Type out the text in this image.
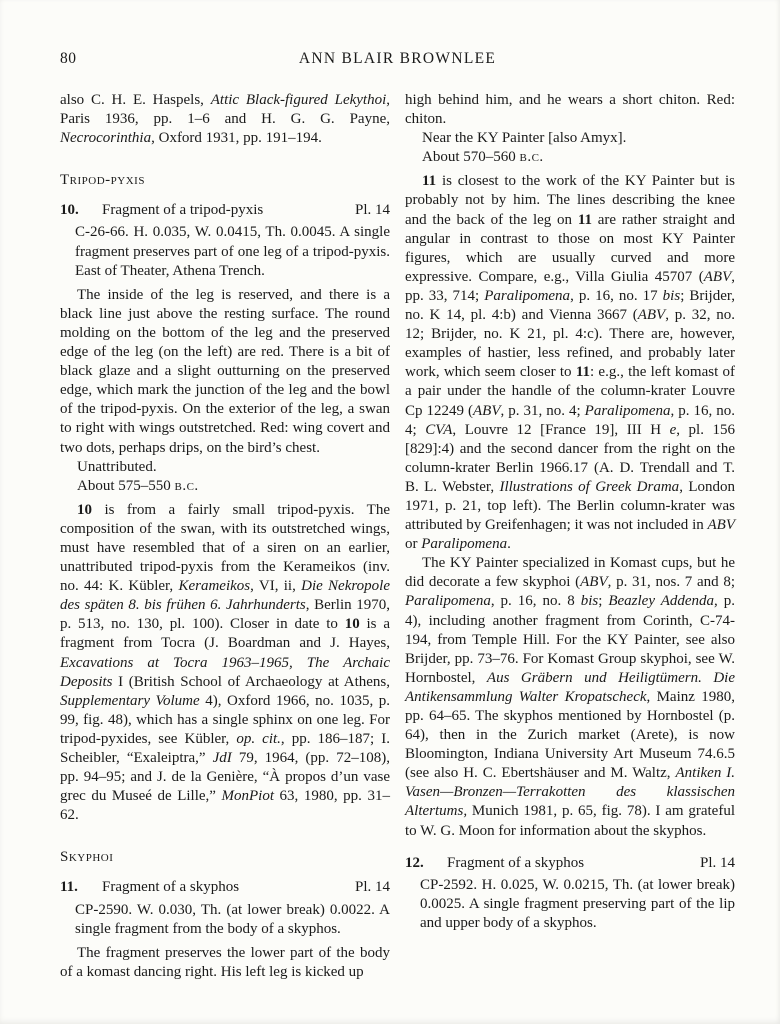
80	ANN BLAIR BROWNLEE

also C. H. E. Haspels, Attic Black-figured Lekythoi, Paris 1936, pp. 1–6 and H. G. G. Payne, Necrocorinthia, Oxford 1931, pp. 191–194.

Tripod-pyxis
10.	Fragment of a tripod-pyxis	Pl. 14

C-26-66. H. 0.035, W. 0.0415, Th. 0.0045. A single fragment preserves part of one leg of a tripod-pyxis. East of Theater, Athena Trench.

The inside of the leg is reserved, and there is a black line just above the resting surface. The round molding on the bottom of the leg and the preserved edge of the leg (on the left) are red. There is a bit of black glaze and a slight outturning on the preserved edge, which mark the junction of the leg and the bowl of the tripod-pyxis. On the exterior of the leg, a swan to right with wings outstretched. Red: wing covert and two dots, perhaps drips, on the bird’s chest.

Unattributed.

About 575–550 b.c.

10 is from a fairly small tripod-pyxis. The composition of the swan, with its outstretched wings, must have resembled that of a siren on an earlier, unattributed tripod-pyxis from the Kerameikos (inv. no. 44: K. Kübler, Kerameikos, VI, ii, Die Nekropole des späten 8. bis frühen 6. Jahrhunderts, Berlin 1970, p. 513, no. 130, pl. 100). Closer in date to 10 is a fragment from Tocra (J. Boardman and J. Hayes, Excavations at Tocra 1963–1965, The Archaic Deposits I (British School of Archaeology at Athens, Supplementary Volume 4), Oxford 1966, no. 1035, p. 99, fig. 48), which has a single sphinx on one leg. For tripod-pyxides, see Kübler, op. cit., pp. 186–187; I. Scheibler, “Exaleiptra,” JdI 79, 1964, (pp. 72–108), pp. 94–95; and J. de la Genière, “À propos d’un vase grec du Museé de Lille,” MonPiot 63, 1980, pp. 31–62.

Skyphoi
11.	Fragment of a skyphos	Pl. 14

CP-2590. W. 0.030, Th. (at lower break) 0.0022. A single fragment from the body of a skyphos.

The fragment preserves the lower part of the body of a komast dancing right. His left leg is kicked up

high behind him, and he wears a short chiton. Red: chiton.

Near the KY Painter [also Amyx].

About 570–560 b.c.

11 is closest to the work of the KY Painter but is probably not by him. The lines describing the knee and the back of the leg on 11 are rather straight and angular in contrast to those on most KY Painter figures, which are usually curved and more expressive. Compare, e.g., Villa Giulia 45707 (ABV, pp. 33, 714; Paralipomena, p. 16, no. 17 bis; Brijder, no. K 14, pl. 4:b) and Vienna 3667 (ABV, p. 32, no. 12; Brijder, no. K 21, pl. 4:c). There are, however, examples of hastier, less refined, and probably later work, which seem closer to 11: e.g., the left komast of a pair under the handle of the column-krater Louvre Cp 12249 (ABV, p. 31, no. 4; Paralipomena, p. 16, no. 4; CVA, Louvre 12 [France 19], III H e, pl. 156 [829]:4) and the second dancer from the right on the column-krater Berlin 1966.17 (A. D. Trendall and T. B. L. Webster, Illustrations of Greek Drama, London 1971, p. 21, top left). The Berlin column-krater was attributed by Greifenhagen; it was not included in ABV or Paralipomena.

The KY Painter specialized in Komast cups, but he did decorate a few skyphoi (ABV, p. 31, nos. 7 and 8; Paralipomena, p. 16, no. 8 bis; Beazley Addenda, p. 4), including another fragment from Corinth, C-74-194, from Temple Hill. For the KY Painter, see also Brijder, pp. 73–76. For Komast Group skyphoi, see W. Hornbostel, Aus Gräbern und Heiligtümern. Die Antikensammlung Walter Kropatscheck, Mainz 1980, pp. 64–65. The skyphos mentioned by Hornbostel (p. 64), then in the Zurich market (Arete), is now Bloomington, Indiana University Art Museum 74.6.5 (see also H. C. Ebertshäuser and M. Waltz, Antiken I. Vasen—Bronzen—Terrakotten des klassischen Altertums, Munich 1981, p. 65, fig. 78). I am grateful to W. G. Moon for information about the skyphos.

12.	Fragment of a skyphos	Pl. 14

CP-2592. H. 0.025, W. 0.0215, Th. (at lower break) 0.0025. A single fragment preserving part of the lip and upper body of a skyphos.
